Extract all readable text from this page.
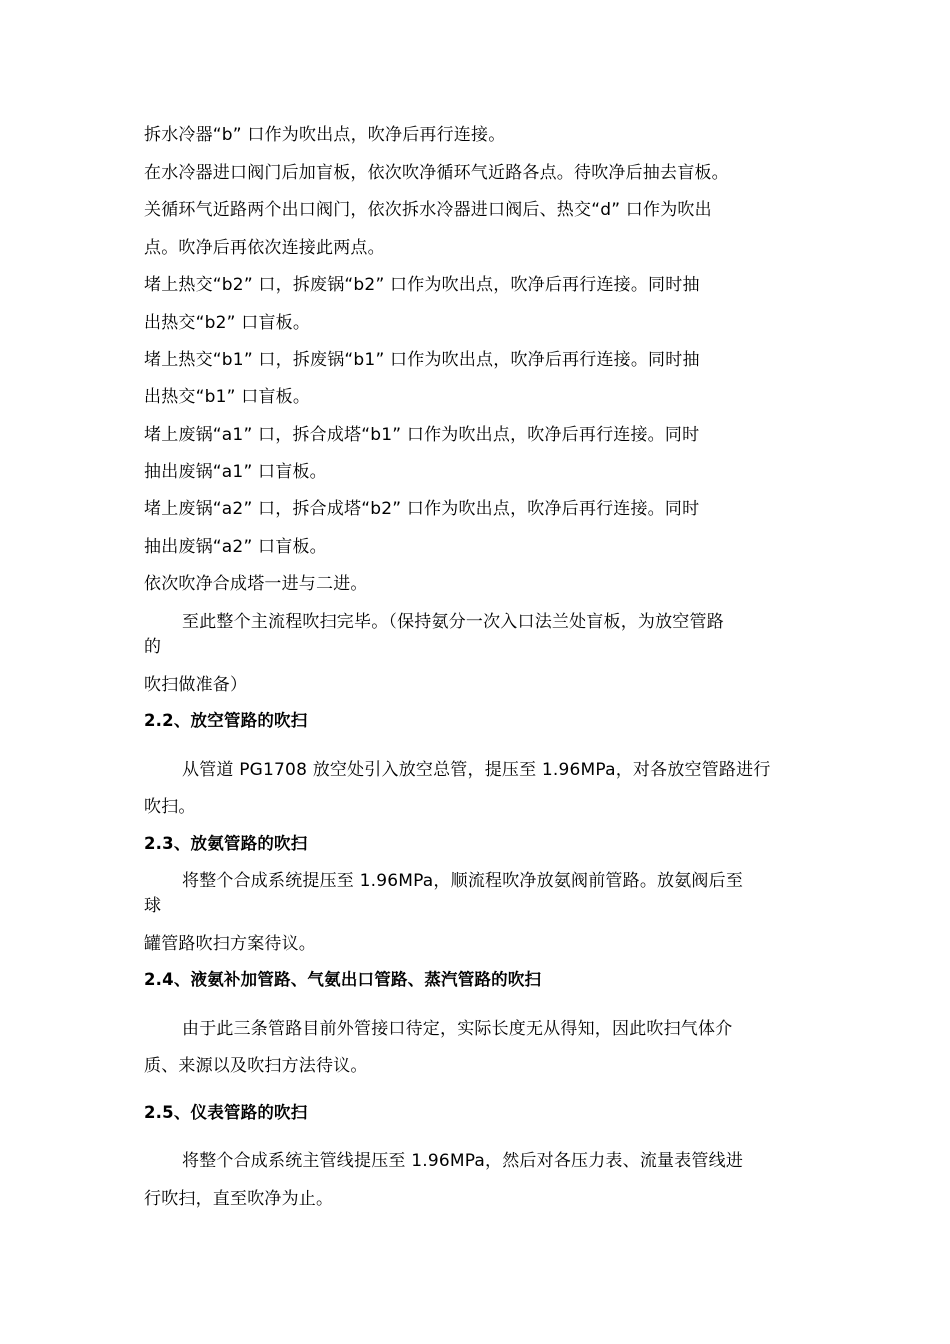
拆水冷器“b” 口作为吹出点，吹净后再行连接。
在水冷器进口阀门后加盲板，依次吹净循环气近路各点。待吹净后抽去盲板。
关循环气近路两个出口阀门，依次拆水冷器进口阀后、热交“d” 口作为吹出
点。吹净后再依次连接此两点。
堵上热交“b2” 口，拆废锅“b2” 口作为吹出点，吹净后再行连接。同时抽
出热交“b2” 口盲板。
堵上热交“b1” 口，拆废锅“b1” 口作为吹出点，吹净后再行连接。同时抽
出热交“b1” 口盲板。
堵上废锅“a1” 口，拆合成塔“b1” 口作为吹出点，吹净后再行连接。同时
抽出废锅“a1” 口盲板。
堵上废锅“a2” 口，拆合成塔“b2” 口作为吹出点，吹净后再行连接。同时
抽出废锅“a2” 口盲板。
依次吹净合成塔一进与二进。
至此整个主流程吹扫完毕。（保持氨分一次入口法兰处盲板，为放空管路
的
吹扫做准备）
2.2、放空管路的吹扫
从管道 PG1708 放空处引入放空总管，提压至 1.96MPa，对各放空管路进行
吹扫。
2.3、放氨管路的吹扫
将整个合成系统提压至 1.96MPa，顺流程吹净放氨阀前管路。放氨阀后至
球
罐管路吹扫方案待议。
2.4、液氨补加管路、气氨出口管路、蒸汽管路的吹扫
由于此三条管路目前外管接口待定，实际长度无从得知，因此吹扫气体介
质、来源以及吹扫方法待议。
2.5、仪表管路的吹扫
将整个合成系统主管线提压至 1.96MPa，然后对各压力表、流量表管线进
行吹扫，直至吹净为止。
